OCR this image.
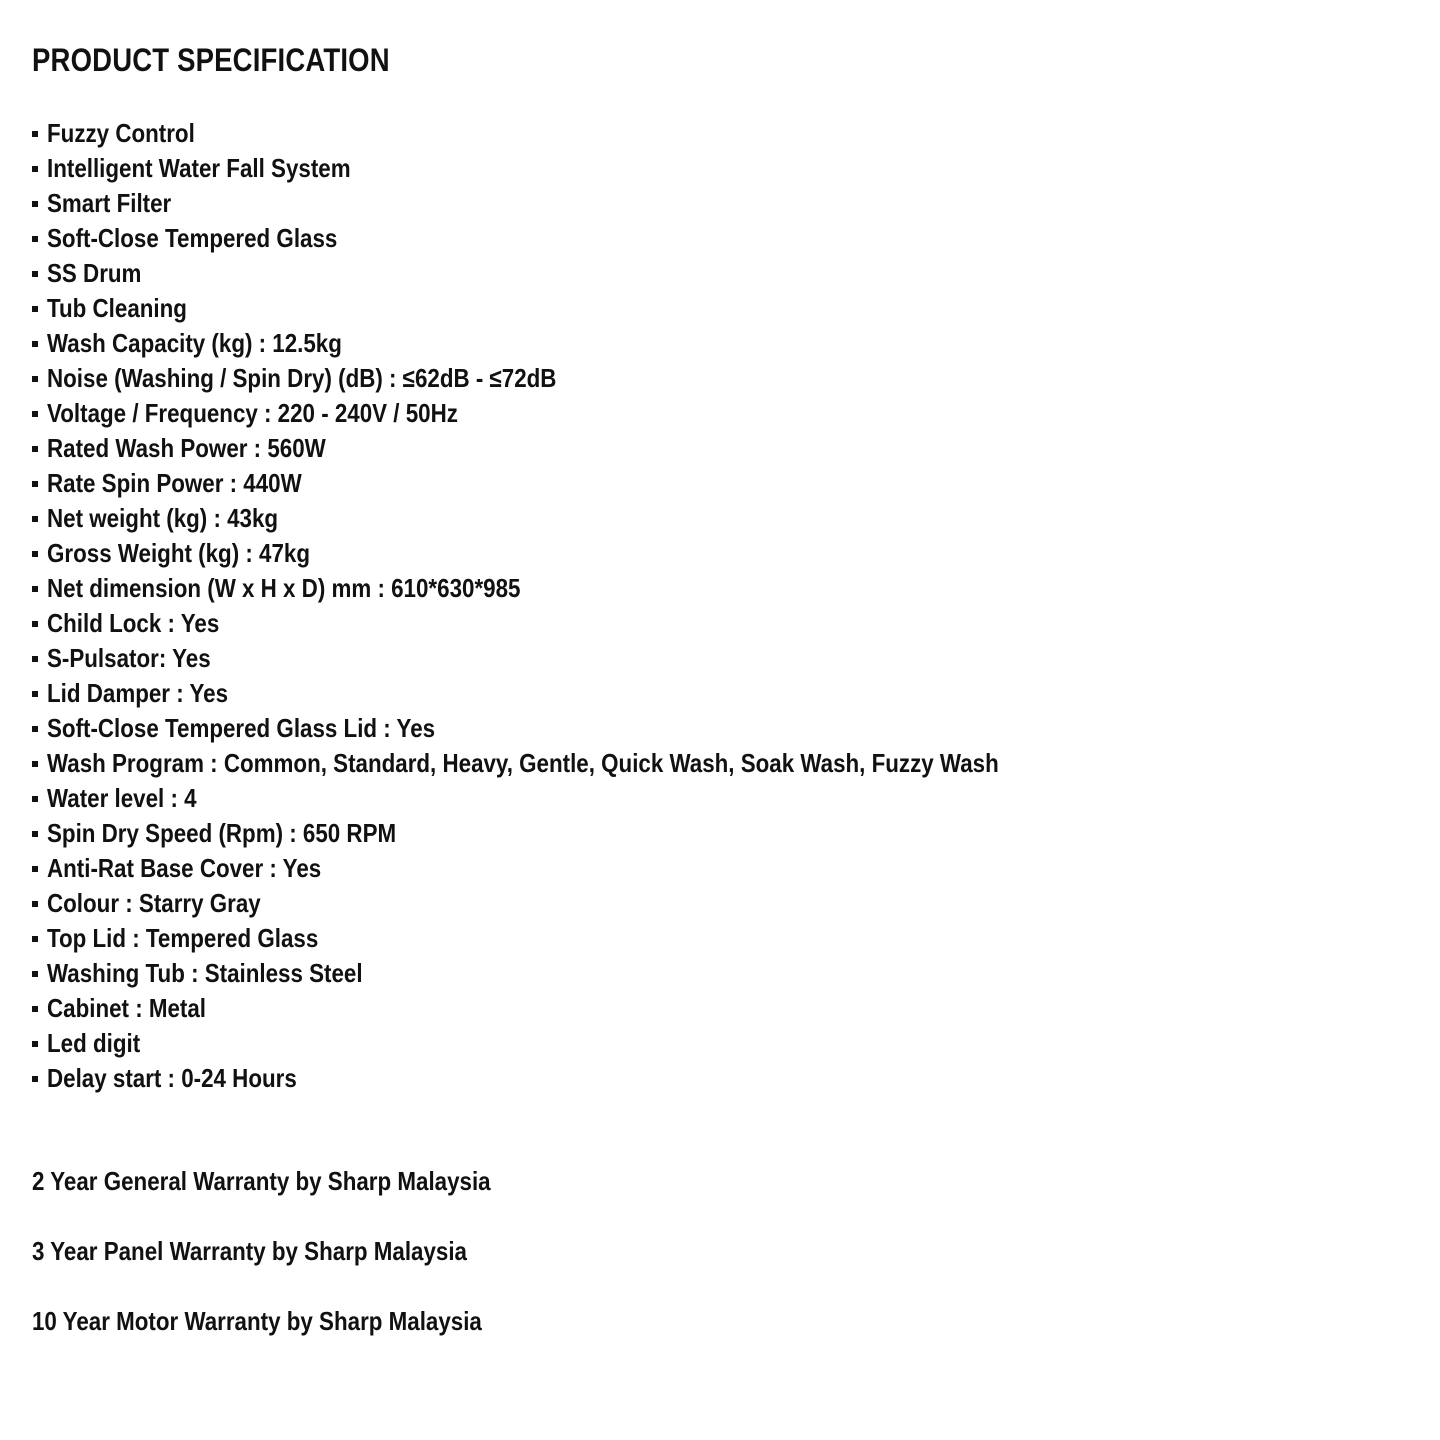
PRODUCT SPECIFICATION
Fuzzy Control
Intelligent Water Fall System
Smart Filter
Soft-Close Tempered Glass
SS Drum
Tub Cleaning
Wash Capacity (kg) : 12.5kg
Noise (Washing / Spin Dry) (dB) : ≤62dB - ≤72dB
Voltage / Frequency : 220 - 240V / 50Hz
Rated Wash Power : 560W
Rate Spin Power : 440W
Net weight (kg) : 43kg
Gross Weight (kg) : 47kg
Net dimension (W x H x D) mm : 610*630*985
Child Lock : Yes
S-Pulsator: Yes
Lid Damper : Yes
Soft-Close Tempered Glass Lid : Yes
Wash Program : Common, Standard, Heavy, Gentle, Quick Wash, Soak Wash, Fuzzy Wash
Water level : 4
Spin Dry Speed (Rpm) : 650 RPM
Anti-Rat Base Cover : Yes
Colour : Starry Gray
Top Lid : Tempered Glass
Washing Tub : Stainless Steel
Cabinet : Metal
Led digit
Delay start : 0-24 Hours

2 Year General Warranty by Sharp Malaysia

3 Year Panel Warranty by Sharp Malaysia

10 Year Motor Warranty by Sharp Malaysia
